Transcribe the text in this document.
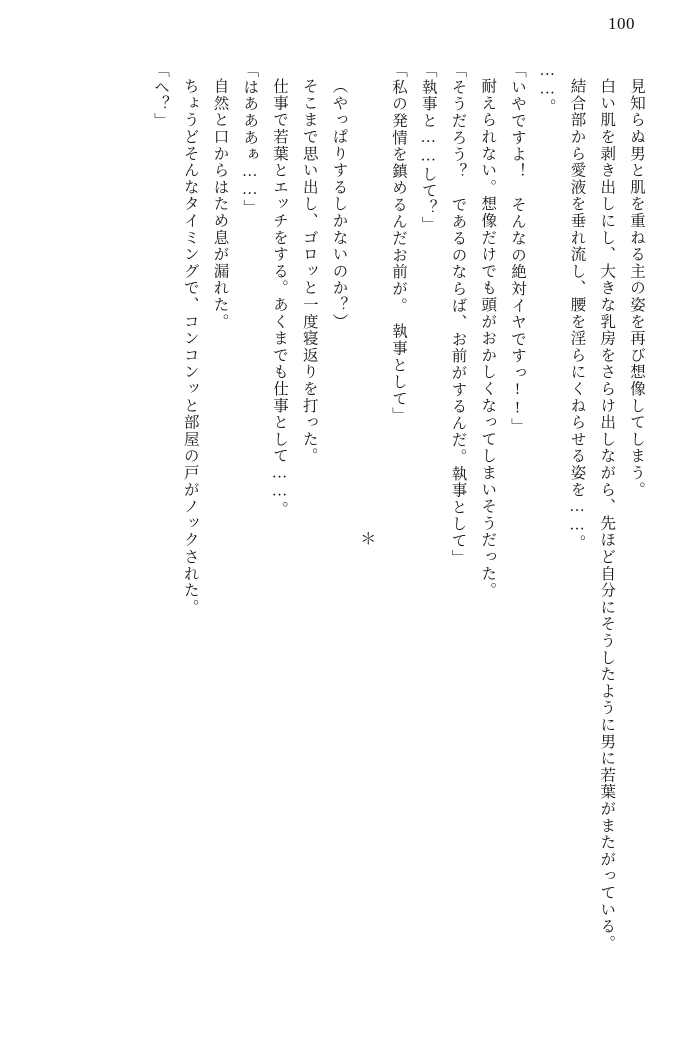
100

見知らぬ男と肌を重ねる主の姿を再び想像してしまう。

白い肌を剥き出しにし、大きな乳房をさらけ出しながら、先ほど自分にそうしたように男に若葉がまたがっている。

結合部から愛液を垂れ流し、腰を淫らにくねらせる姿を……。

……。

「いやですよ！　そんなの絶対イヤですっ!!」

耐えられない。想像だけでも頭がおかしくなってしまいそうだった。

「そうだろう？　であるのならば、お前がするんだ。執事として」

「執事と……して？」

「私の発情を鎮めるんだお前が。　執事として」

＊

（やっぱりするしかないのか？）

そこまで思い出し、ゴロッと一度寝返りを打った。

仕事で若葉とエッチをする。あくまでも仕事として……。

「はあああぁ……」

自然と口からはため息が漏れた。

ちょうどそんなタイミングで、コンコンッと部屋の戸がノックされた。

「へ？」
